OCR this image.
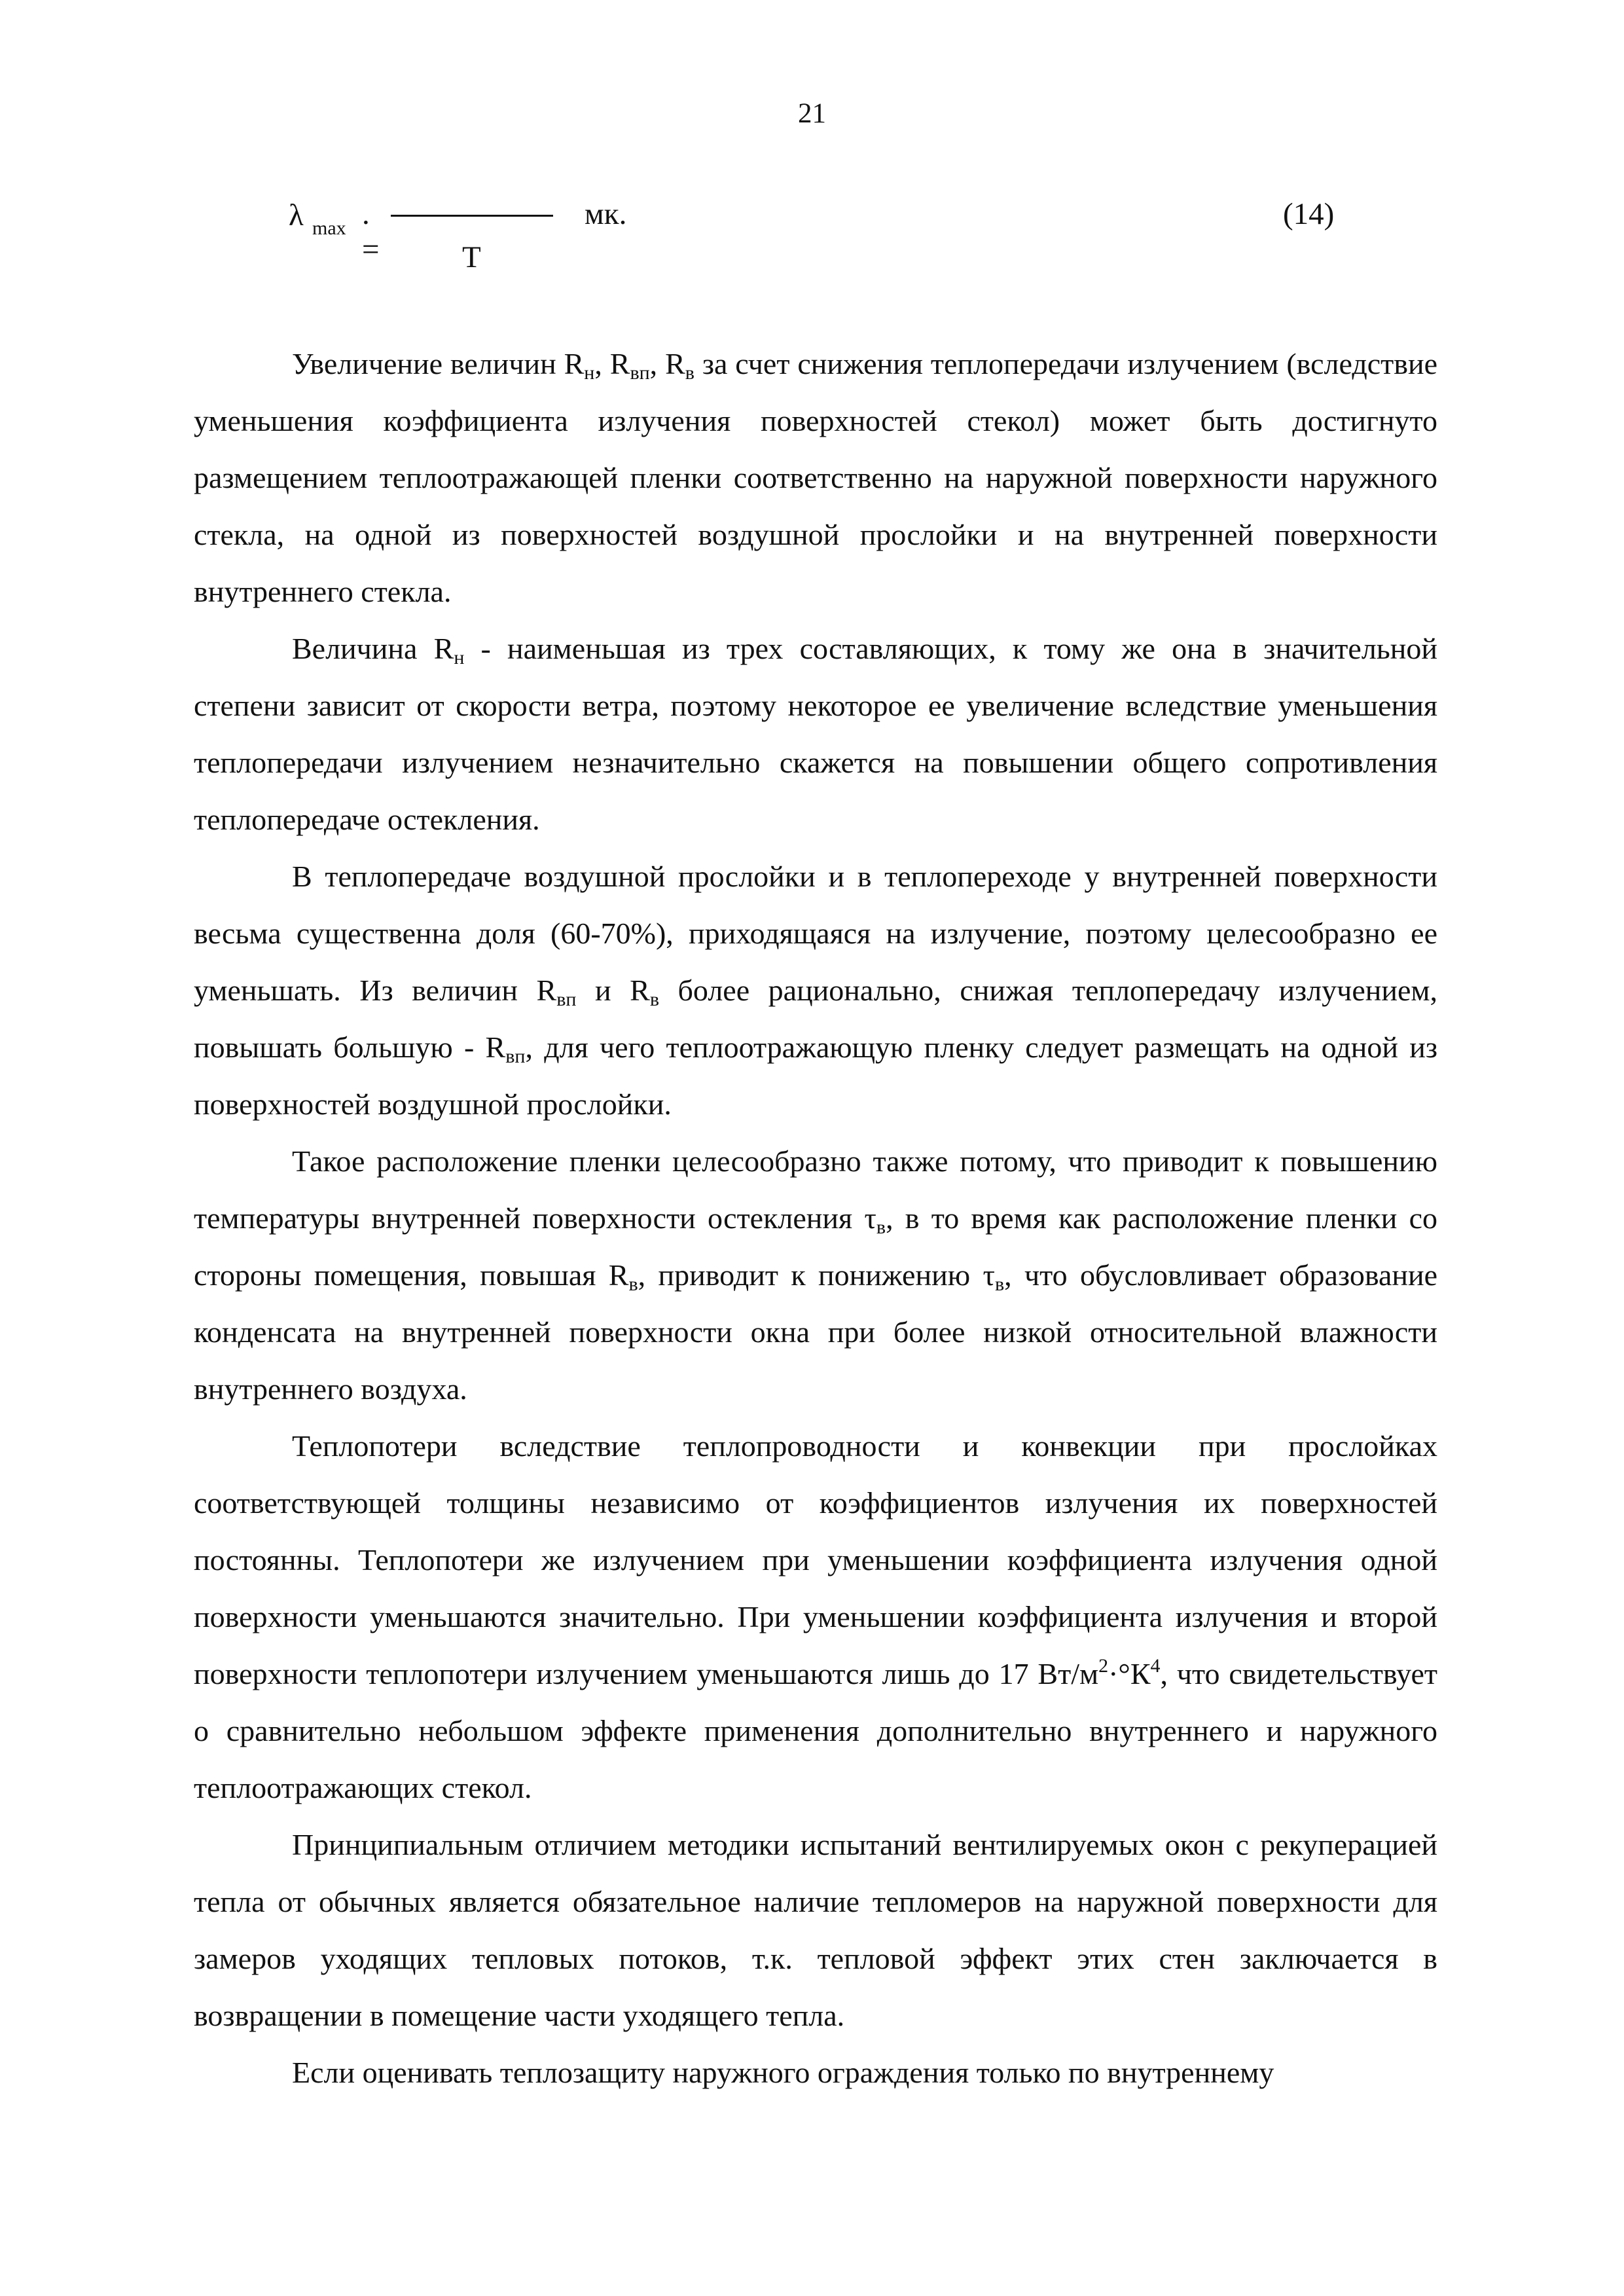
21
λ max . =
мк.
Т
(14)

Увеличение величин $R_н$, $R_{вп}$, $R_в$ за счет снижения теплопередачи излучением (вследствие уменьшения коэффициента излучения поверхностей стекол) может быть достигнуто размещением теплоотражающей пленки соответственно на наружной поверхности наружного стекла, на одной из поверхностей воздушной прослойки и на внутренней поверхности внутреннего стекла.

Величина $R_н$ - наименьшая из трех составляющих, к тому же она в значительной степени зависит от скорости ветра, поэтому некоторое ее увеличение вследствие уменьшения теплопередачи излучением незначительно скажется на повышении общего сопротивления теплопередаче остекления.

В теплопередаче воздушной прослойки и в теплопереходе у внутренней поверхности весьма существенна доля (60-70%), приходящаяся на излучение, поэтому целесообразно ее уменьшать. Из величин $R_{вп}$ и $R_в$ более рационально, снижая теплопередачу излучением, повышать большую - $R_{вп}$, для чего теплоотражающую пленку следует размещать на одной из поверхностей воздушной прослойки.

Такое расположение пленки целесообразно также потому, что приводит к повышению температуры внутренней поверхности остекления $\tau_в$, в то время как расположение пленки со стороны помещения, повышая $R_в$, приводит к понижению $\tau_в$, что обусловливает образование конденсата на внутренней поверхности окна при более низкой относительной влажности внутреннего воздуха.

Теплопотери вследствие теплопроводности и конвекции при прослойках соответствующей толщины независимо от коэффициентов излучения их поверхностей постоянны. Теплопотери же излучением при уменьшении коэффициента излучения одной поверхности уменьшаются значительно. При уменьшении коэффициента излучения и второй поверхности теплопотери излучением уменьшаются лишь до 17 $Вт/м^2\cdot^\circ К^4$, что свидетельствует о сравнительно небольшом эффекте применения дополнительно внутреннего и наружного теплоотражающих стекол.

Принципиальным отличием методики испытаний вентилируемых окон с рекуперацией тепла от обычных является обязательное наличие тепломеров на наружной поверхности для замеров уходящих тепловых потоков, т.к. тепловой эффект этих стен заключается в возвращении в помещение части уходящего тепла.

Если оценивать теплозащиту наружного ограждения только по внутреннему
